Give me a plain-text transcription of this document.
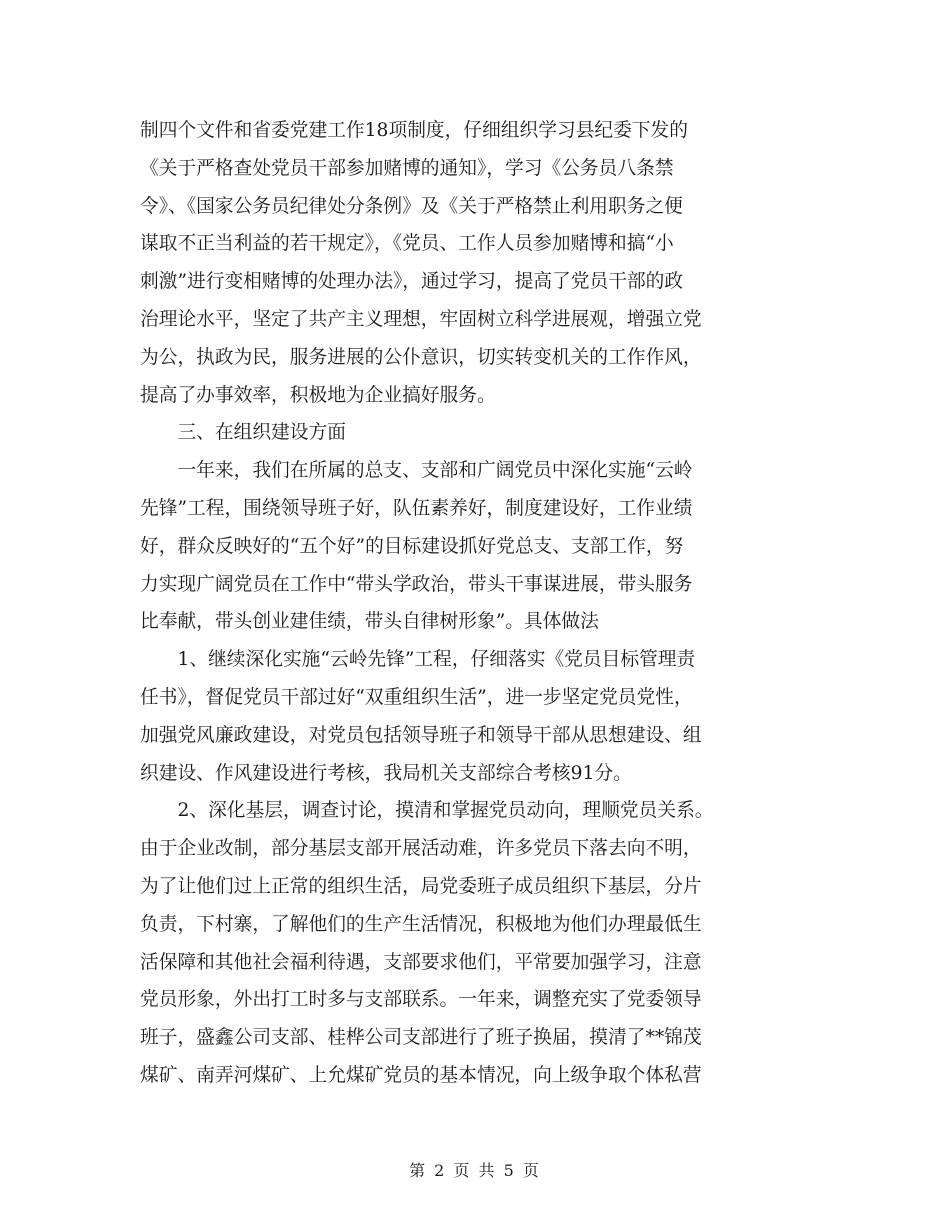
制四个文件和省委党建工作18项制度，仔细组织学习县纪委下发的
《关于严格查处党员干部参加赌博的通知》，学习《公务员八条禁
令》、《国家公务员纪律处分条例》及《关于严格禁止利用职务之便
谋取不正当利益的若干规定》，《党员、工作人员参加赌博和搞“小
刺激”进行变相赌博的处理办法》，通过学习，提高了党员干部的政
治理论水平，坚定了共产主义理想，牢固树立科学进展观，增强立党
为公，执政为民，服务进展的公仆意识，切实转变机关的工作作风，
提高了办事效率，积极地为企业搞好服务。
　　三、在组织建设方面
　　一年来，我们在所属的总支、支部和广阔党员中深化实施“云岭
先锋”工程，围绕领导班子好，队伍素养好，制度建设好，工作业绩
好，群众反映好的“五个好”的目标建设抓好党总支、支部工作，努
力实现广阔党员在工作中“带头学政治，带头干事谋进展，带头服务
比奉献，带头创业建佳绩，带头自律树形象”。具体做法
　　1、继续深化实施“云岭先锋”工程，仔细落实《党员目标管理责
任书》，督促党员干部过好“双重组织生活”，进一步坚定党员党性，
加强党风廉政建设，对党员包括领导班子和领导干部从思想建设、组
织建设、作风建设进行考核，我局机关支部综合考核91分。
　　2、深化基层，调查讨论，摸清和掌握党员动向，理顺党员关系。
由于企业改制，部分基层支部开展活动难，许多党员下落去向不明，
为了让他们过上正常的组织生活，局党委班子成员组织下基层，分片
负责，下村寨，了解他们的生产生活情况，积极地为他们办理最低生
活保障和其他社会福利待遇，支部要求他们，平常要加强学习，注意
党员形象，外出打工时多与支部联系。一年来，调整充实了党委领导
班子，盛鑫公司支部、桂桦公司支部进行了班子换届，摸清了**锦茂
煤矿、南弄河煤矿、上允煤矿党员的基本情况，向上级争取个体私营
第 2 页 共 5 页
